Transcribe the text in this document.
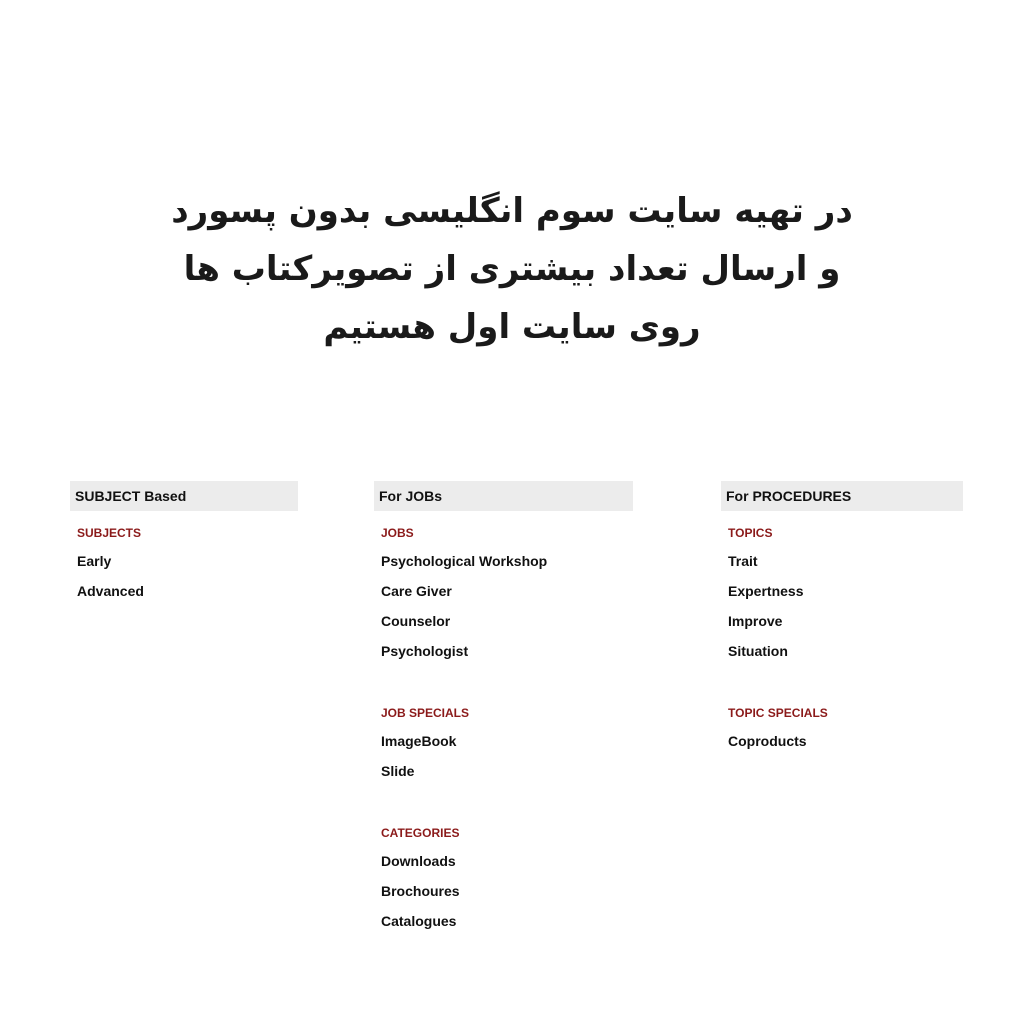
در تهیه سایت سوم انگلیسی بدون پسورد
و ارسال تعداد بیشتری از تصویرکتاب ها
روی سایت اول هستیم
SUBJECT Based
SUBJECTS
Early
Advanced
For JOBs
JOBS
Psychological Workshop
Care Giver
Counselor
Psychologist
JOB SPECIALS
ImageBook
Slide
CATEGORIES
Downloads
Brochoures
Catalogues
For PROCEDURES
TOPICS
Trait
Expertness
Improve
Situation
TOPIC SPECIALS
Coproducts
